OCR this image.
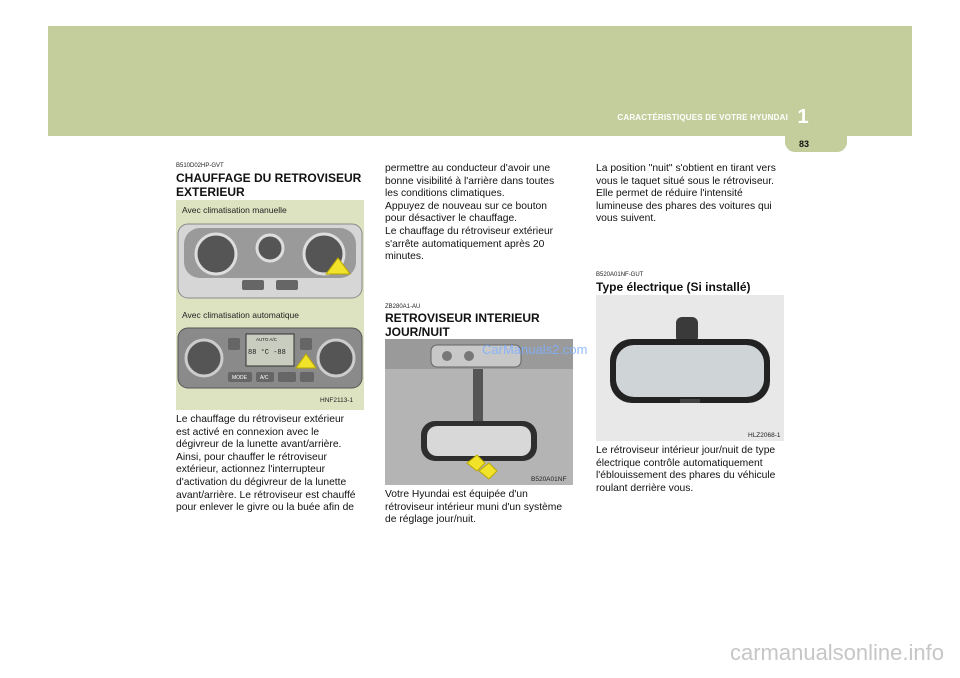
1
CARACTÉRISTIQUES DE VOTRE HYUNDAI
83
B510D02HP-GVT
CHAUFFAGE DU RETROVISEUR
EXTERIEUR
Avec climatisation manuelle
Avec climatisation automatique
AUTO A/C
88 °C -88
MODE	A/C
HNF2113-1
Le chauffage du rétroviseur extérieur
est activé en connexion avec le
dégivreur de la lunette avant/arrière.
Ainsi, pour chauffer le rétroviseur
extérieur, actionnez l'interrupteur
d'activation du dégivreur de la lunette
avant/arrière. Le rétroviseur est chauffé
pour enlever le givre ou la buée afin de
permettre au conducteur d'avoir une
bonne visibilité à l'arrière dans toutes
les conditions climatiques.
Appuyez de nouveau sur ce bouton
pour désactiver le chauffage.
Le chauffage du rétroviseur extérieur
s'arrête automatiquement après 20
minutes.
ZB280A1-AU
RETROVISEUR INTERIEUR
JOUR/NUIT
B520A01NF
CarManuals2.com
Votre Hyundai est équipée d'un
rétroviseur intérieur muni d'un système
de réglage jour/nuit.
La position "nuit" s'obtient en tirant vers
vous le taquet situé sous le rétroviseur.
Elle permet de réduire l'intensité
lumineuse des phares des voitures qui
vous suivent.
B520A01NF-GUT
Type électrique (Si installé)
HLZ2068-1
Le rétroviseur intérieur jour/nuit de type
électrique contrôle automatiquement
l'éblouissement des phares du véhicule
roulant derrière vous.
carmanualsonline.info
